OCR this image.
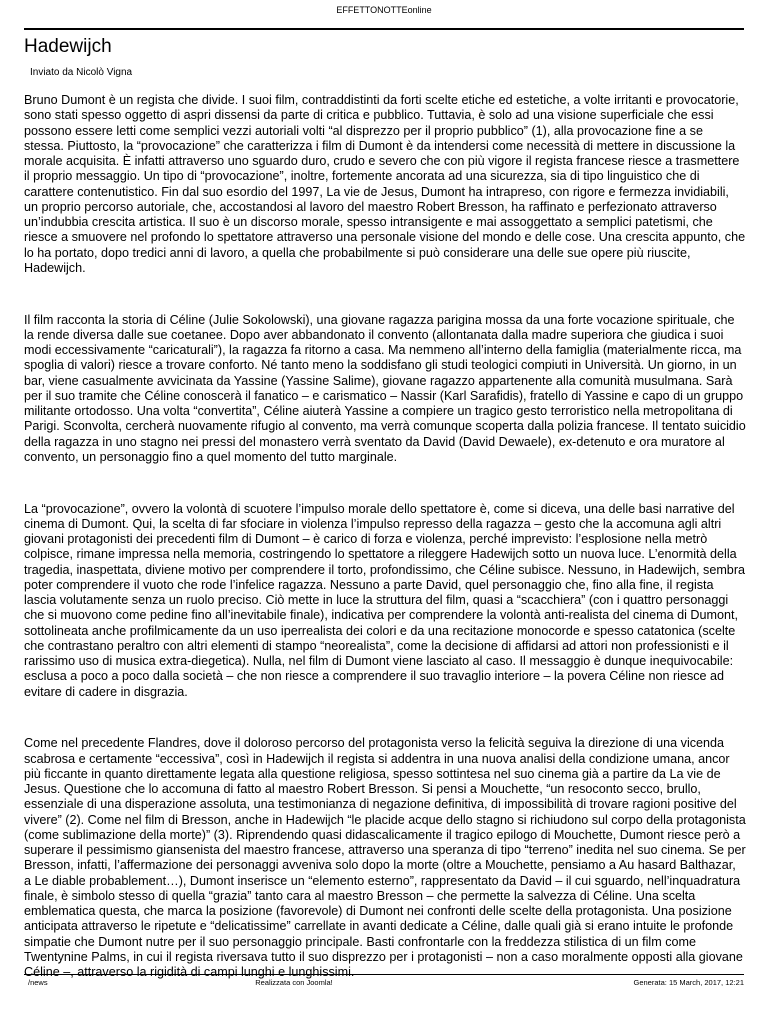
EFFETTONOTTEonline
Hadewijch
Inviato da Nicolò Vigna

Bruno Dumont è un regista che divide. I suoi film, contraddistinti da forti scelte etiche ed estetiche, a volte irritanti e provocatorie, sono stati spesso oggetto di aspri dissensi da parte di critica e pubblico. Tuttavia, è solo ad una visione superficiale che essi possono essere letti come semplici vezzi autoriali volti “al disprezzo per il proprio pubblico” (1), alla provocazione fine a se stessa. Piuttosto, la “provocazione” che caratterizza i film di Dumont è da intendersi come necessità di mettere in discussione la morale acquisita. È infatti attraverso uno sguardo duro, crudo e severo che con più vigore il regista francese riesce a trasmettere il proprio messaggio. Un tipo di “provocazione”, inoltre, fortemente ancorata ad una sicurezza, sia di tipo linguistico che di carattere contenutistico. Fin dal suo esordio del 1997, La vie de Jesus, Dumont ha intrapreso, con rigore e fermezza invidiabili, un proprio percorso autoriale, che, accostandosi al lavoro del maestro Robert Bresson, ha raffinato e perfezionato attraverso un’indubbia crescita artistica. Il suo è un discorso morale, spesso intransigente e mai assoggettato a semplici patetismi, che riesce a smuovere nel profondo lo spettatore attraverso una personale visione del mondo e delle cose. Una crescita appunto, che lo ha portato, dopo tredici anni di lavoro, a quella che probabilmente si può considerare una delle sue opere più riuscite, Hadewijch.

Il film racconta la storia di Céline (Julie Sokolowski), una giovane ragazza parigina mossa da una forte vocazione spirituale, che la rende diversa dalle sue coetanee. Dopo aver abbandonato il convento (allontanata dalla madre superiora che giudica i suoi modi eccessivamente “caricaturali”), la ragazza fa ritorno a casa. Ma nemmeno all’interno della famiglia (materialmente ricca, ma spoglia di valori) riesce a trovare conforto. Né tanto meno la soddisfano gli studi teologici compiuti in Università. Un giorno, in un bar, viene casualmente avvicinata da Yassine (Yassine Salime), giovane ragazzo appartenente alla comunità musulmana. Sarà per il suo tramite che Céline conoscerà il fanatico – e carismatico – Nassir (Karl Sarafidis), fratello di Yassine e capo di un gruppo militante ortodosso. Una volta “convertita”, Céline aiuterà Yassine a compiere un tragico gesto terroristico nella metropolitana di Parigi. Sconvolta, cercherà nuovamente rifugio al convento, ma verrà comunque scoperta dalla polizia francese. Il tentato suicidio della ragazza in uno stagno nei pressi del monastero verrà sventato da David (David Dewaele), ex-detenuto e ora muratore al convento, un personaggio fino a quel momento del tutto marginale.

La “provocazione”, ovvero la volontà di scuotere l’impulso morale dello spettatore è, come si diceva, una delle basi narrative del cinema di Dumont. Qui, la scelta di far sfociare in violenza l’impulso represso della ragazza – gesto che la accomuna agli altri giovani protagonisti dei precedenti film di Dumont – è carico di forza e violenza, perché imprevisto: l’esplosione nella metrò colpisce, rimane impressa nella memoria, costringendo lo spettatore a rileggere Hadewijch sotto un nuova luce. L’enormità della tragedia, inaspettata, diviene motivo per comprendere il torto, profondissimo, che Céline subisce. Nessuno, in Hadewijch, sembra poter comprendere il vuoto che rode l’infelice ragazza. Nessuno a parte David, quel personaggio che, fino alla fine, il regista lascia volutamente senza un ruolo preciso. Ciò mette in luce la struttura del film, quasi a “scacchiera” (con i quattro personaggi che si muovono come pedine fino all’inevitabile finale), indicativa per comprendere la volontà anti-realista del cinema di Dumont, sottolineata anche profilmicamente da un uso iperrealista dei colori e da una recitazione monocorde e spesso catatonica (scelte che contrastano peraltro con altri elementi di stampo “neorealista”, come la decisione di affidarsi ad attori non professionisti e il rarissimo uso di musica extra-diegetica). Nulla, nel film di Dumont viene lasciato al caso. Il messaggio è dunque inequivocabile: esclusa a poco a poco dalla società – che non riesce a comprendere il suo travaglio interiore – la povera Céline non riesce ad evitare di cadere in disgrazia.

Come nel precedente Flandres, dove il doloroso percorso del protagonista verso la felicità seguiva la direzione di una vicenda scabrosa e certamente “eccessiva”, così in Hadewijch il regista si addentra in una nuova analisi della condizione umana, ancor più ficcante in quanto direttamente legata alla questione religiosa, spesso sottintesa nel suo cinema già a partire da La vie de Jesus. Questione che lo accomuna di fatto al maestro Robert Bresson. Si pensi a Mouchette, “un resoconto secco, brullo, essenziale di una disperazione assoluta, una testimonianza di negazione definitiva, di impossibilità di trovare ragioni positive del vivere” (2). Come nel film di Bresson, anche in Hadewijch “le placide acque dello stagno si richiudono sul corpo della protagonista (come sublimazione della morte)” (3). Riprendendo quasi didascalicamente il tragico epilogo di Mouchette, Dumont riesce però a superare il pessimismo giansenista del maestro francese, attraverso una speranza di tipo “terreno” inedita nel suo cinema. Se per Bresson, infatti, l’affermazione dei personaggi avveniva solo dopo la morte (oltre a Mouchette, pensiamo a Au hasard Balthazar, a Le diable probablement…), Dumont inserisce un “elemento esterno”, rappresentato da David – il cui sguardo, nell’inquadratura finale, è simbolo stesso di quella “grazia” tanto cara al maestro Bresson – che permette la salvezza di Céline. Una scelta emblematica questa, che marca la posizione (favorevole) di Dumont nei confronti delle scelte della protagonista. Una posizione anticipata attraverso le ripetute e “delicatissime” carrellate in avanti dedicate a Céline, dalle quali già si erano intuite le profonde simpatie che Dumont nutre per il suo personaggio principale. Basti confrontarle con la freddezza stilistica di un film come Twentynine Palms, in cui il regista riversava tutto il suo disprezzo per i protagonisti – non a caso moralmente opposti alla giovane Céline –, attraverso la rigidità di campi lunghi e lunghissimi.

/news	Realizzata con Joomla!	Generata: 15 March, 2017, 12:21
